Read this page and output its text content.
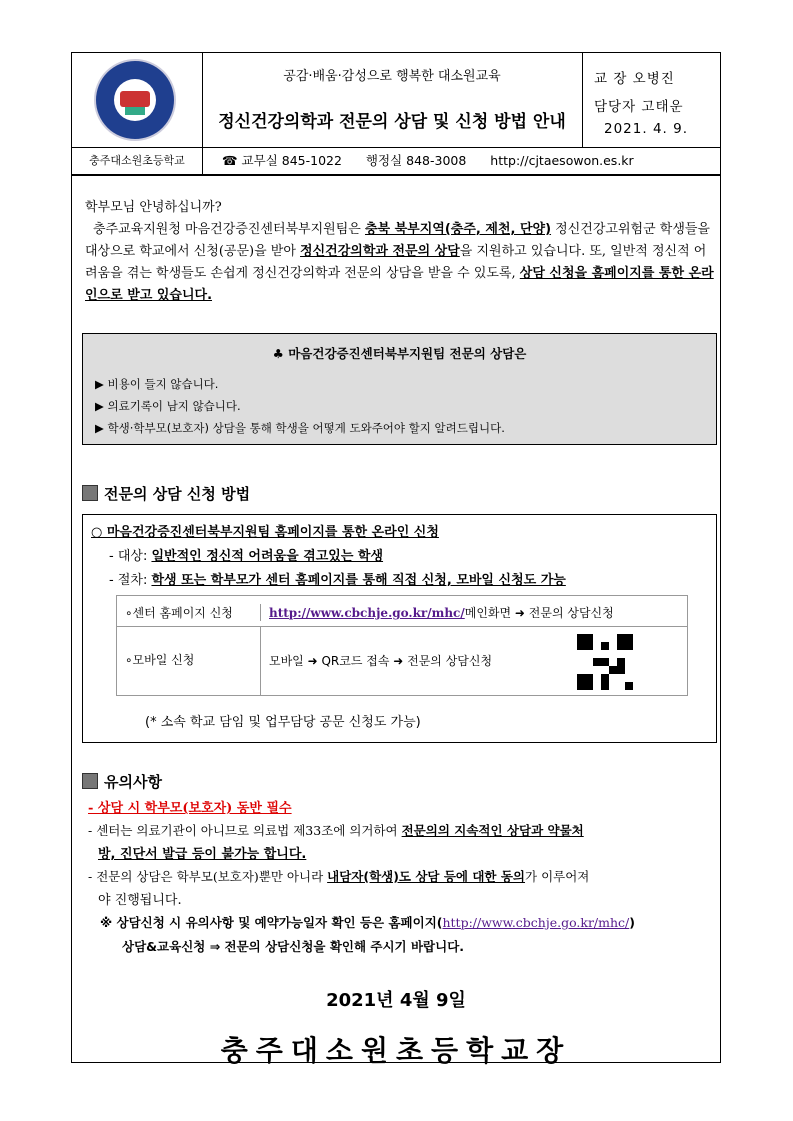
공감·배움·감성으로 행복한 대소원교육
정신건강의학과 전문의 상담 및 신청 방법 안내
교 장 오병진
담당자 고태운
2021. 4. 9.
충주대소원초등학교	☎ 교무실 845-1022 행정실 848-3008 http://cjtaesowon.es.kr
학부모님 안녕하십니까?
충주교육지원청 마음건강증진센터북부지원팀은 충북 북부지역(충주, 제천, 단양) 정신건강고위험군 학생들을 대상으로 학교에서 신청(공문)을 받아 정신건강의학과 전문의 상담을 지원하고 있습니다. 또, 일반적 정신적 어려움을 겪는 학생들도 손쉽게 정신건강의학과 전문의 상담을 받을 수 있도록, 상담 신청을 홈페이지를 통한 온라인으로 받고 있습니다.
♣ 마음건강증진센터북부지원팀 전문의 상담은
▶ 비용이 들지 않습니다.
▶ 의료기록이 남지 않습니다.
▶ 학생·학부모(보호자) 상담을 통해 학생을 어떻게 도와주어야 할지 알려드립니다.
전문의 상담 신청 방법
○ 마음건강증진센터북부지원팀 홈페이지를 통한 온라인 신청
- 대상: 일반적인 정신적 어려움을 겪고있는 학생
- 절차: 학생 또는 학부모가 센터 홈페이지를 통해 직접 신청, 모바일 신청도 가능
∘센터 홈페이지 신청	http://www.cbchje.go.kr/mhc/메인화면 ➜ 전문의 상담신청
∘모바일 신청	모바일 ➜ QR코드 접속 ➜ 전문의 상담신청
(* 소속 학교 담임 및 업무담당 공문 신청도 가능)
유의사항
- 상담 시 학부모(보호자) 동반 필수
- 센터는 의료기관이 아니므로 의료법 제33조에 의거하여 전문의의 지속적인 상담과 약물처
방, 진단서 발급 등이 불가능 합니다.
- 전문의 상담은 학부모(보호자)뿐만 아니라 내담자(학생)도 상담 등에 대한 동의가 이루어져
야 진행됩니다.
※ 상담신청 시 유의사항 및 예약가능일자 확인 등은 홈페이지(http://www.cbchje.go.kr/mhc/)
상담&교육신청 ⇒ 전문의 상담신청을 확인해 주시기 바랍니다.
2021년 4월 9일
충주대소원초등학교장
